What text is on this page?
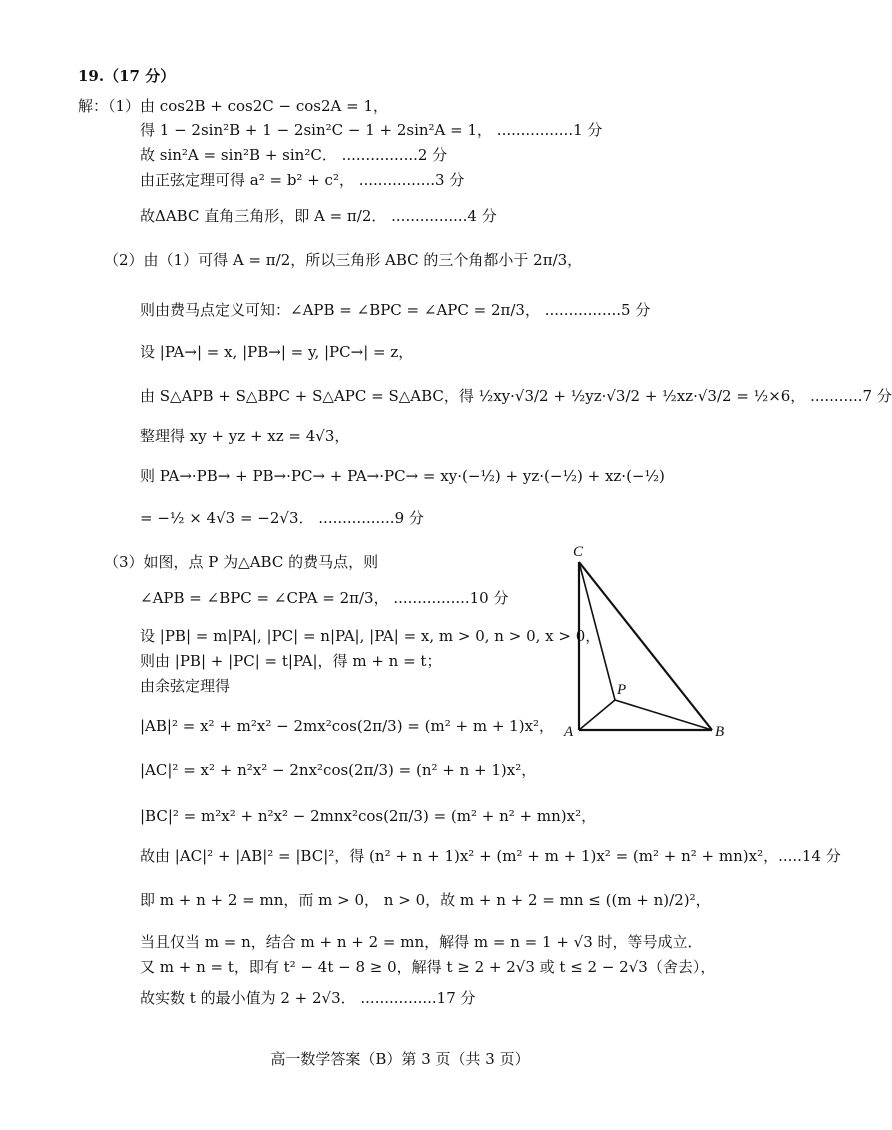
19.（17 分）
解：（1）由 cos2B + cos2C − cos2A = 1，
得 1 − 2sin²B + 1 − 2sin²C − 1 + 2sin²A = 1， ................1 分
故 sin²A = sin²B + sin²C． ................2 分
由正弦定理可得 a² = b² + c²， ................3 分
故ΔABC 直角三角形，即 A = π/2． ................4 分
（2）由（1）可得 A = π/2，所以三角形 ABC 的三个角都小于 2π/3，
则由费马点定义可知：∠APB = ∠BPC = ∠APC = 2π/3， ................5 分
设 |PA→| = x, |PB→| = y, |PC→| = z，
由 S△APB + S△BPC + S△APC = S△ABC，得 ½xy·√3/2 + ½yz·√3/2 + ½xz·√3/2 = ½×6， ...........7 分
整理得 xy + yz + xz = 4√3，
则 PA→·PB→ + PB→·PC→ + PA→·PC→ = xy·(−½) + yz·(−½) + xz·(−½)
= −½ × 4√3 = −2√3． ................9 分
（3）如图，点 P 为△ABC 的费马点，则
∠APB = ∠BPC = ∠CPA = 2π/3， ................10 分
设 |PB| = m|PA|, |PC| = n|PA|, |PA| = x, m > 0, n > 0, x > 0，
则由 |PB| + |PC| = t|PA|，得 m + n = t；
由余弦定理得
|AB|² = x² + m²x² − 2mx²cos(2π/3) = (m² + m + 1)x²，
|AC|² = x² + n²x² − 2nx²cos(2π/3) = (n² + n + 1)x²，
|BC|² = m²x² + n²x² − 2mnx²cos(2π/3) = (m² + n² + mn)x²，
故由 |AC|² + |AB|² = |BC|²，得 (n² + n + 1)x² + (m² + m + 1)x² = (m² + n² + mn)x²，.....14 分
即 m + n + 2 = mn，而 m > 0， n > 0，故 m + n + 2 = mn ≤ ((m + n)/2)²，
当且仅当 m = n，结合 m + n + 2 = mn，解得 m = n = 1 + √3 时，等号成立．
又 m + n = t，即有 t² − 4t − 8 ≥ 0，解得 t ≥ 2 + 2√3 或 t ≤ 2 − 2√3（舍去），
故实数 t 的最小值为 2 + 2√3． ................17 分
C
A	B
P
高一数学答案（B）第 3 页（共 3 页）
